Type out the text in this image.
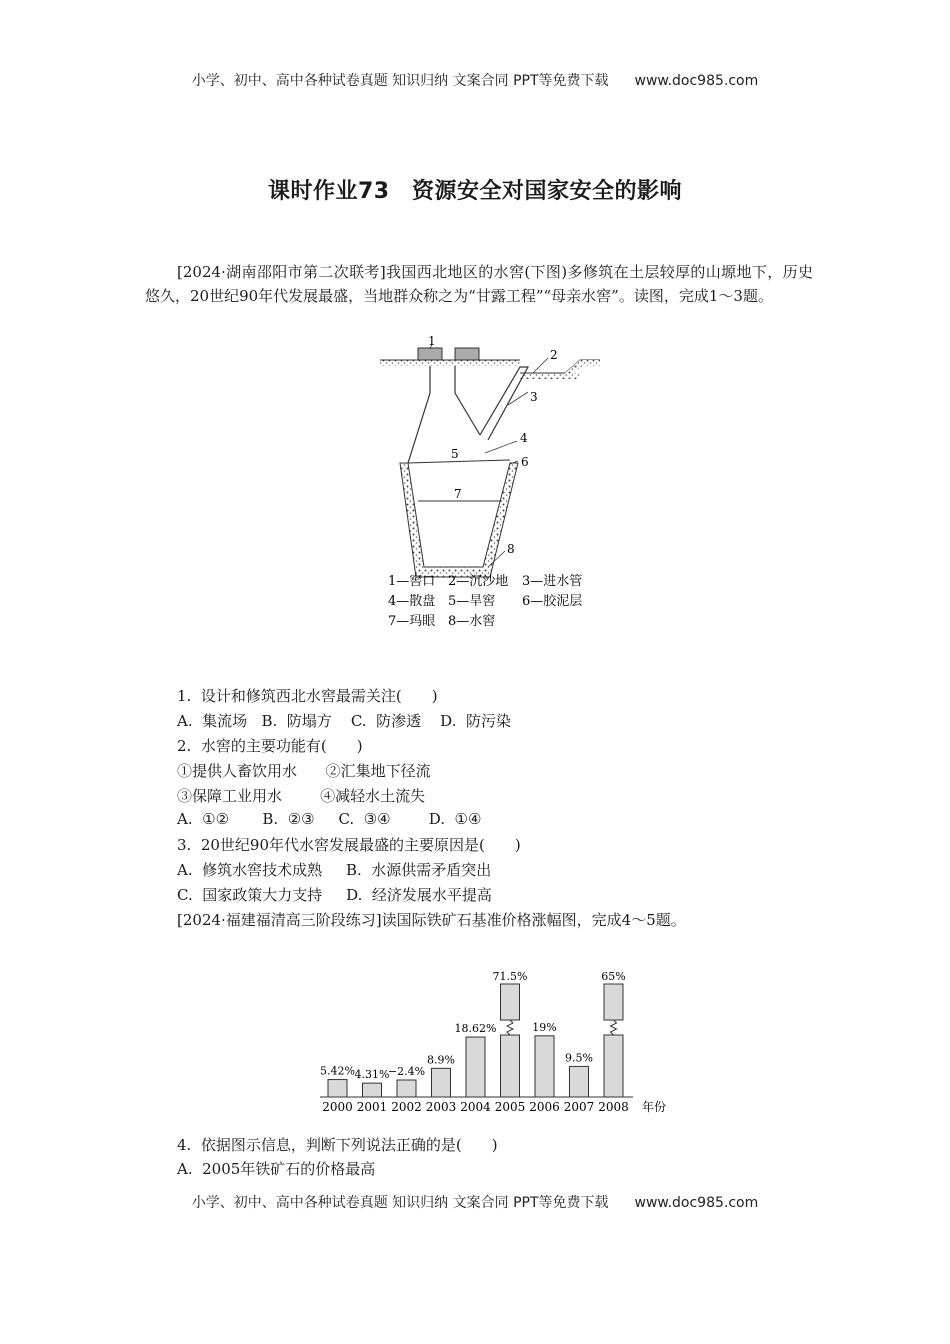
小学、初中、高中各种试卷真题 知识归纳 文案合同 PPT等免费下载 www.doc985.com
课时作业73　资源安全对国家安全的影响
[2024·湖南邵阳市第二次联考]我国西北地区的水窖(下图)多修筑在土层较厚的山塬地下，历史悠久，20世纪90年代发展最盛，当地群众称之为“甘露工程”“母亲水窖”。读图，完成1～3题。
1
2
3
4
5
6
7
8
1—窖口 2—沉沙地 3—进水管
4—散盘 5—旱窖 6—胶泥层
7—玛眼 8—水窖
1.  设计和修筑西北水窖最需关注(　　)
A.  集流场   B.  防塌方    C.  防渗透    D.  防污染
2.  水窖的主要功能有(　　)
①提供人畜饮用水      ②汇集地下径流
③保障工业用水        ④减轻水土流失
A.  ①②       B.  ②③     C.  ③④        D.  ①④
3.  20世纪90年代水窖发展最盛的主要原因是(　　)
A.  修筑水窖技术成熟     B.  水源供需矛盾突出
C.  国家政策大力支持     D.  经济发展水平提高
[2024·福建福清高三阶段练习]读国际铁矿石基准价格涨幅图，完成4～5题。
5.42%
2000
4.31%
2001
−2.4%
2002
8.9%
2003
18.62%
2004
71.5%
2005
19%
2006
9.5%
2007
65%
2008 年份
4.  依据图示信息，判断下列说法正确的是(　　)
A.  2005年铁矿石的价格最高
小学、初中、高中各种试卷真题 知识归纳 文案合同 PPT等免费下载 www.doc985.com
